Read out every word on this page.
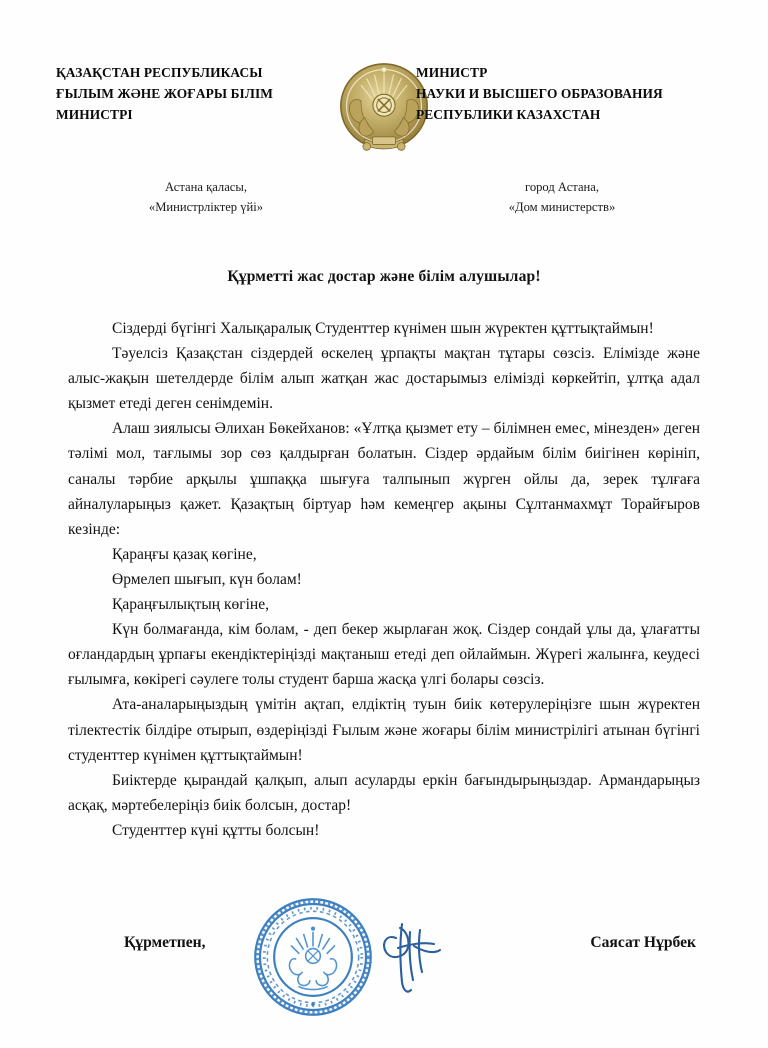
ҚАЗАҚСТАН РЕСПУБЛИКАСЫ
ҒЫЛЫМ ЖӘНЕ ЖОҒАРЫ БІЛІМ
МИНИСТРІ
МИНИСТР
НАУКИ И ВЫСШЕГО ОБРАЗОВАНИЯ
РЕСПУБЛИКИ КАЗАХСТАН
Астана қаласы,
«Министрліктер үйі»
город Астана,
«Дом министерств»
Құрметті жас достар және білім алушылар!

Сіздерді бүгінгі Халықаралық Студенттер күнімен шын жүректен құттықтаймын!

Тәуелсіз Қазақстан сіздердей өскелең ұрпақты мақтан тұтары сөзсіз. Елімізде және алыс-жақын шетелдерде білім алып жатқан жас достарымыз елімізді көркейтіп, ұлтқа адал қызмет етеді деген сенімдемін.

Алаш зиялысы Әлихан Бөкейханов: «Ұлтқа қызмет ету – білімнен емес, мінезден» деген тәлімі мол, тағлымы зор сөз қалдырған болатын. Сіздер әрдайым білім биігінен көрініп, саналы тәрбие арқылы ұшпаққа шығуға талпынып жүрген ойлы да, зерек тұлғаға айналуларыңыз қажет. Қазақтың біртуар һәм кемеңгер ақыны Сұлтанмахмұт Торайғыров кезінде:

Қараңғы қазақ көгіне,

Өрмелеп шығып, күн болам!

Қараңғылықтың көгіне,

Күн болмағанда, кім болам, - деп бекер жырлаған жоқ. Сіздер сондай ұлы да, ұлағатты оғландардың ұрпағы екендіктеріңізді мақтаныш етеді деп ойлаймын. Жүрегі жалынға, кеудесі ғылымға, көкірегі сәулеге толы студент барша жасқа үлгі болары сөзсіз.

Ата-аналарыңыздың үмітін ақтап, елдіктің туын биік көтерулеріңізге шын жүректен тілектестік білдіре отырып, өздеріңізді Ғылым және жоғары білім министрілігі атынан бүгінгі студенттер күнімен құттықтаймын!

Биіктерде қырандай қалқып, алып асуларды еркін бағындырыңыздар. Армандарыңыз асқақ, мәртебелеріңіз биік болсын, достар!

Студенттер күні құтты болсын!

Құрметпен,	Саясат Нұрбек
